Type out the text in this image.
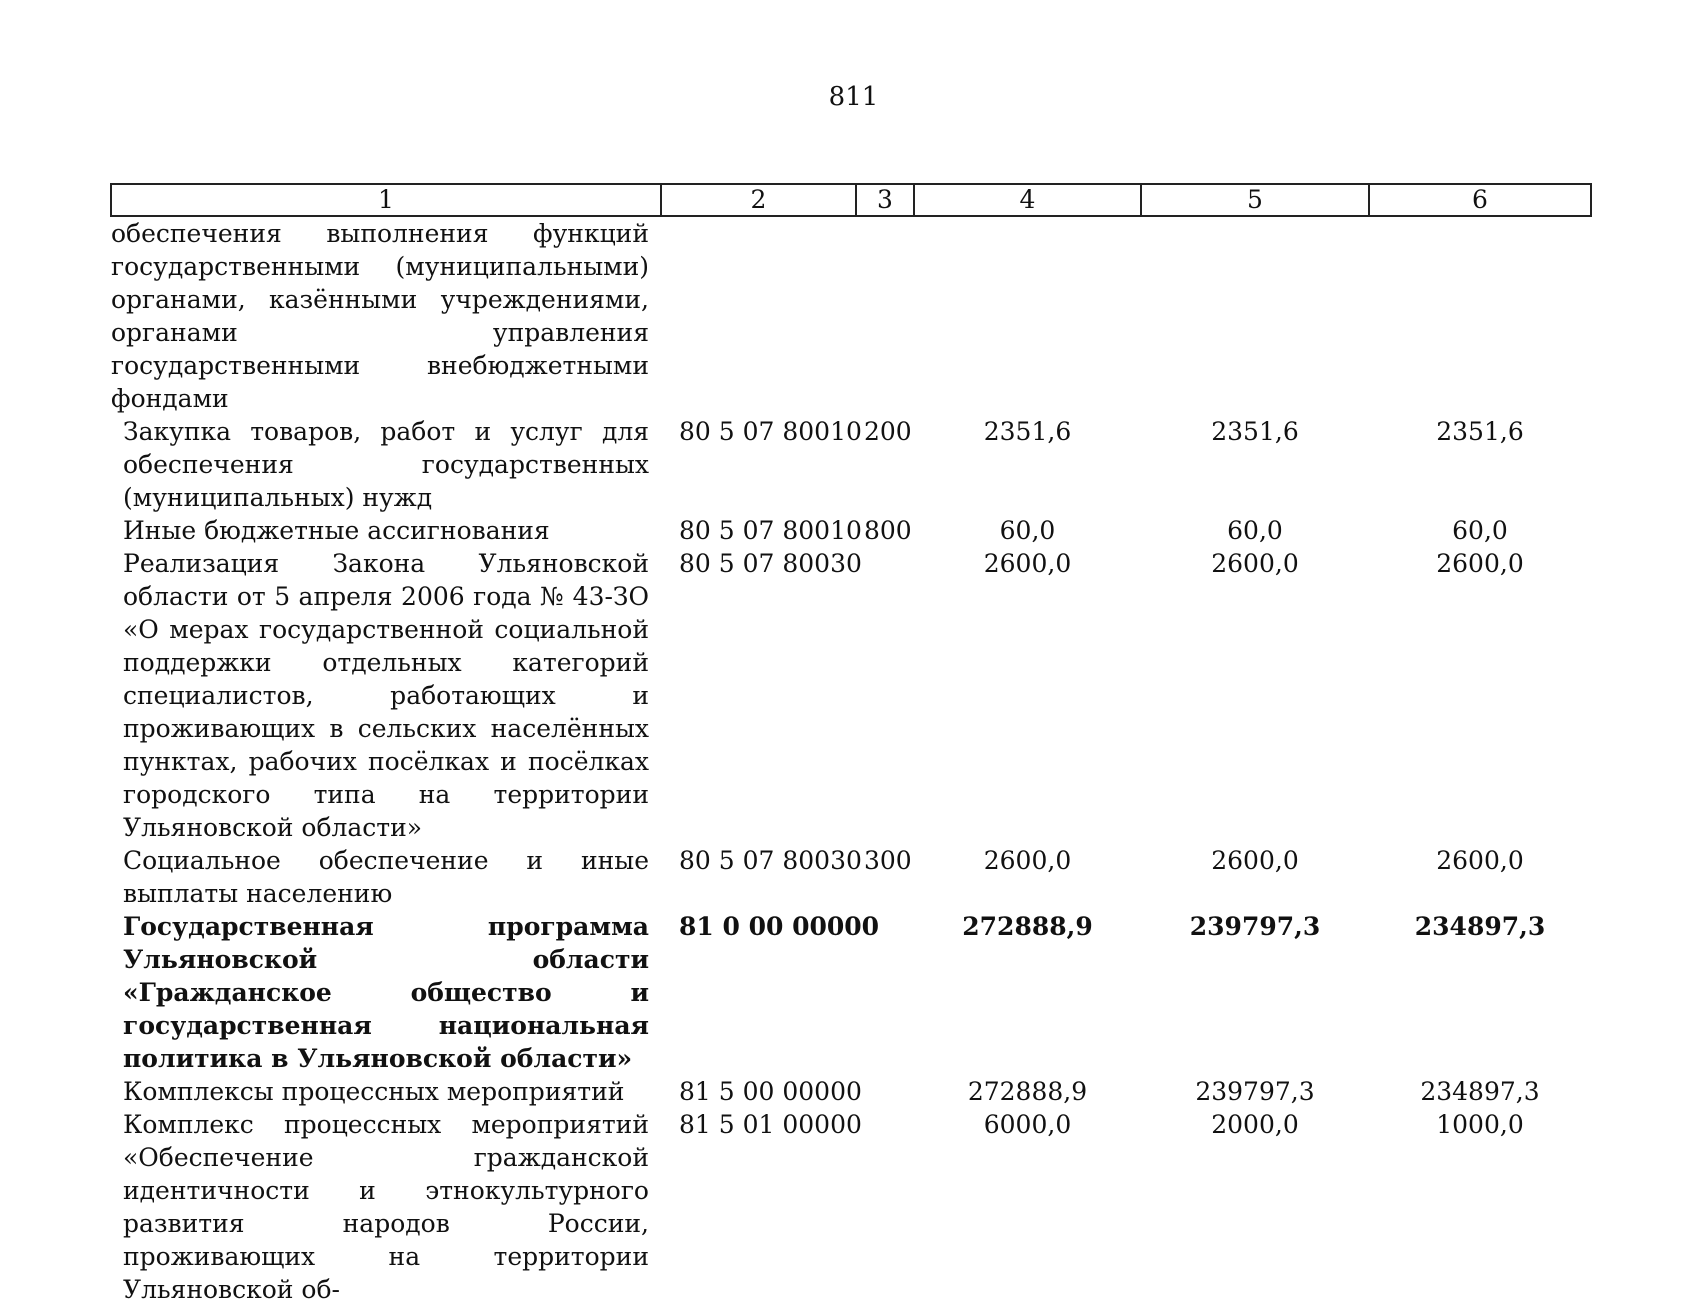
811
1	2	3	4	5	6
обеспечения выполнения функций государственными (муниципальными) органами, казёнными учреждениями, органами управления государственными внебюджетными фондами					
Закупка товаров, работ и услуг для обеспечения государственных (муниципальных) нужд	80 5 07 80010	200	2351,6	2351,6	2351,6
Иные бюджетные ассигнования	80 5 07 80010	800	60,0	60,0	60,0
Реализация Закона Ульяновской области от 5 апреля 2006 года № 43-ЗО «О мерах государственной социальной поддержки отдельных категорий специалистов, работающих и проживающих в сельских населённых пунктах, рабочих посёлках и посёлках городского типа на территории Ульяновской области»	80 5 07 80030		2600,0	2600,0	2600,0
Социальное обеспечение и иные выплаты населению	80 5 07 80030	300	2600,0	2600,0	2600,0
Государственная программа Ульяновской области «Гражданское общество и государственная национальная политика в Ульяновской области»	81 0 00 00000		272888,9	239797,3	234897,3
Комплексы процессных мероприятий	81 5 00 00000		272888,9	239797,3	234897,3
Комплекс процессных мероприятий «Обеспечение гражданской идентичности и этнокультурного развития народов России, проживающих на территории Ульяновской об-	81 5 01 00000		6000,0	2000,0	1000,0
